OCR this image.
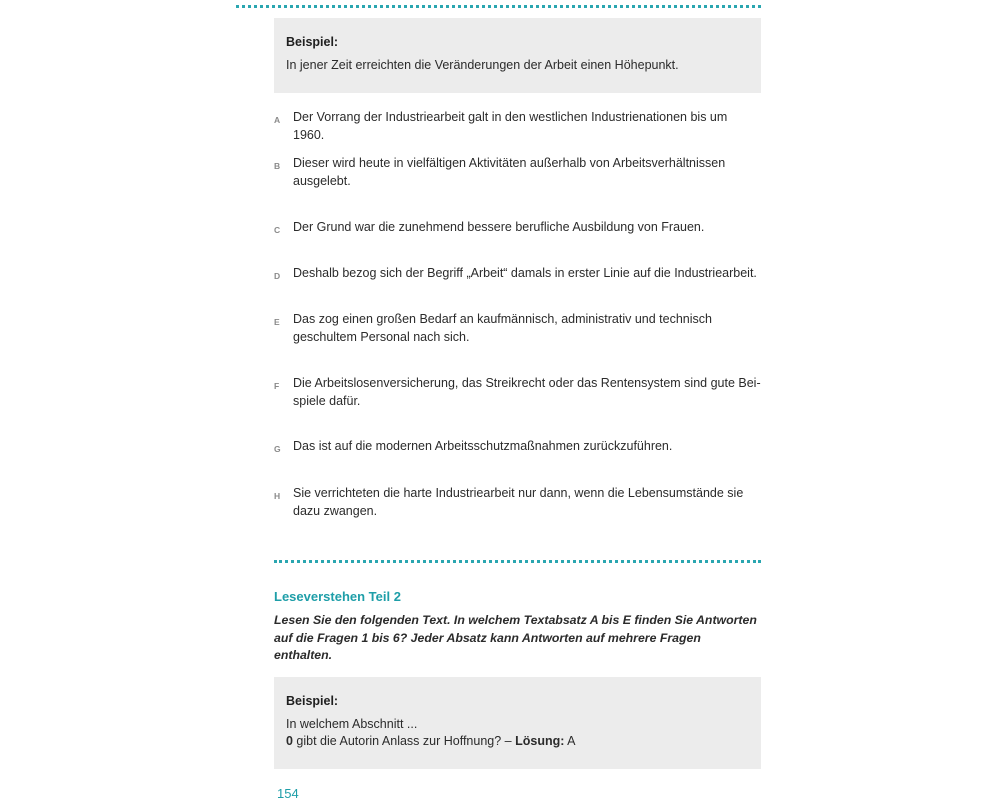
Beispiel:

In jener Zeit erreichten die Veränderungen der Arbeit einen Höhepunkt.

A Der Vorrang der Industriearbeit galt in den westlichen Industrienationen bis um 1960.
B Dieser wird heute in vielfältigen Aktivitäten außerhalb von Arbeitsverhältnissen ausgelebt.
C Der Grund war die zunehmend bessere berufliche Ausbildung von Frauen.
D Deshalb bezog sich der Begriff „Arbeit“ damals in erster Linie auf die Industriearbeit.
E Das zog einen großen Bedarf an kaufmännisch, administrativ und technisch geschultem Personal nach sich.
F Die Arbeitslosenversicherung, das Streikrecht oder das Rentensystem sind gute Beispiele dafür.
G Das ist auf die modernen Arbeitsschutzmaßnahmen zurückzuführen.
H Sie verrichteten die harte Industriearbeit nur dann, wenn die Lebensumstände sie dazu zwangen.
Leseverstehen Teil 2
Lesen Sie den folgenden Text. In welchem Textabsatz A bis E finden Sie Antworten auf die Fragen 1 bis 6? Jeder Absatz kann Antworten auf mehrere Fragen enthalten.
Beispiel:

In welchem Abschnitt ...

0 gibt die Autorin Anlass zur Hoffnung? – Lösung: A

154
